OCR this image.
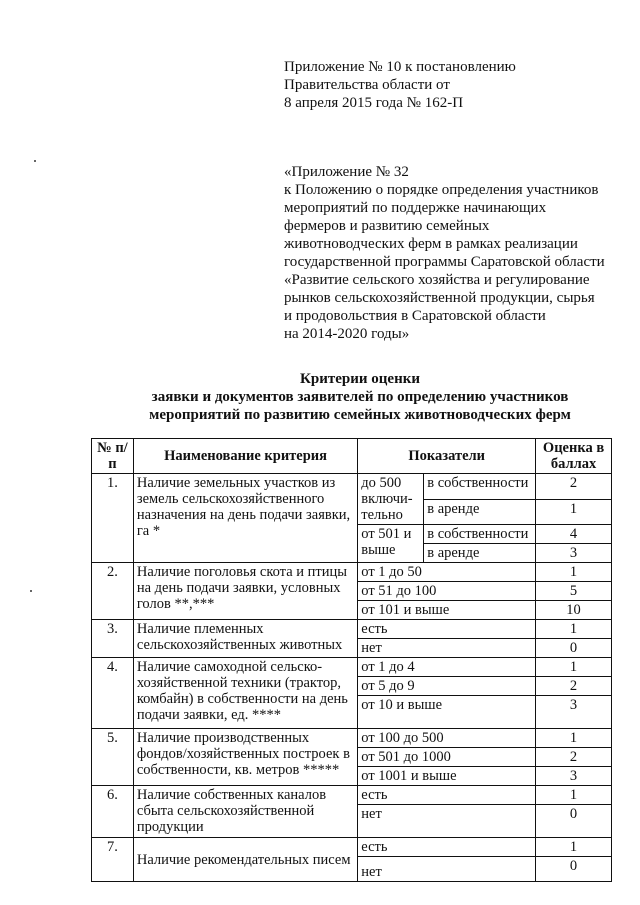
Приложение № 10 к постановлению
Правительства области от
8 апреля 2015 года № 162-П
«Приложение № 32
к Положению о порядке определения участников
мероприятий по поддержке начинающих
фермеров и развитию семейных
животноводческих ферм в рамках реализации
государственной программы Саратовской области
«Развитие сельского хозяйства и регулирование
рынков сельскохозяйственной продукции, сырья
и продовольствия в Саратовской области
на 2014-2020 годы»
Критерии оценки
заявки и документов заявителей по определению участников
мероприятий по развитию семейных животноводческих ферм
№ п/п	Наименование критерия	Показатели		Оценка в баллах
1.	Наличие земельных участков из земель сельскохозяйственного назначения на день подачи заявки, га *	до 500 включи-тельно	в собственности	2
			в аренде	1
		от 501 и выше	в собственности	4
			в аренде	3
2.	Наличие поголовья скота и птицы на день подачи заявки, условных голов **,***	от 1 до 50		1
		от 51 до 100		5
		от 101 и выше		10
3.	Наличие племенных сельскохозяйственных животных	есть		1
		нет		0
4.	Наличие самоходной сельско-хозяйственной техники (трактор, комбайн) в собственности на день подачи заявки, ед. ****	от 1 до 4		1
		от 5 до 9		2
		от 10 и выше		3
5.	Наличие производственных фондов/хозяйственных построек в собственности, кв. метров *****	от 100 до 500		1
		от 501 до 1000		2
		от 1001 и выше		3
6.	Наличие собственных каналов сбыта сельскохозяйственной продукции	есть		1
		нет		0
7.	Наличие рекомендательных писем	есть		1
		нет		0
